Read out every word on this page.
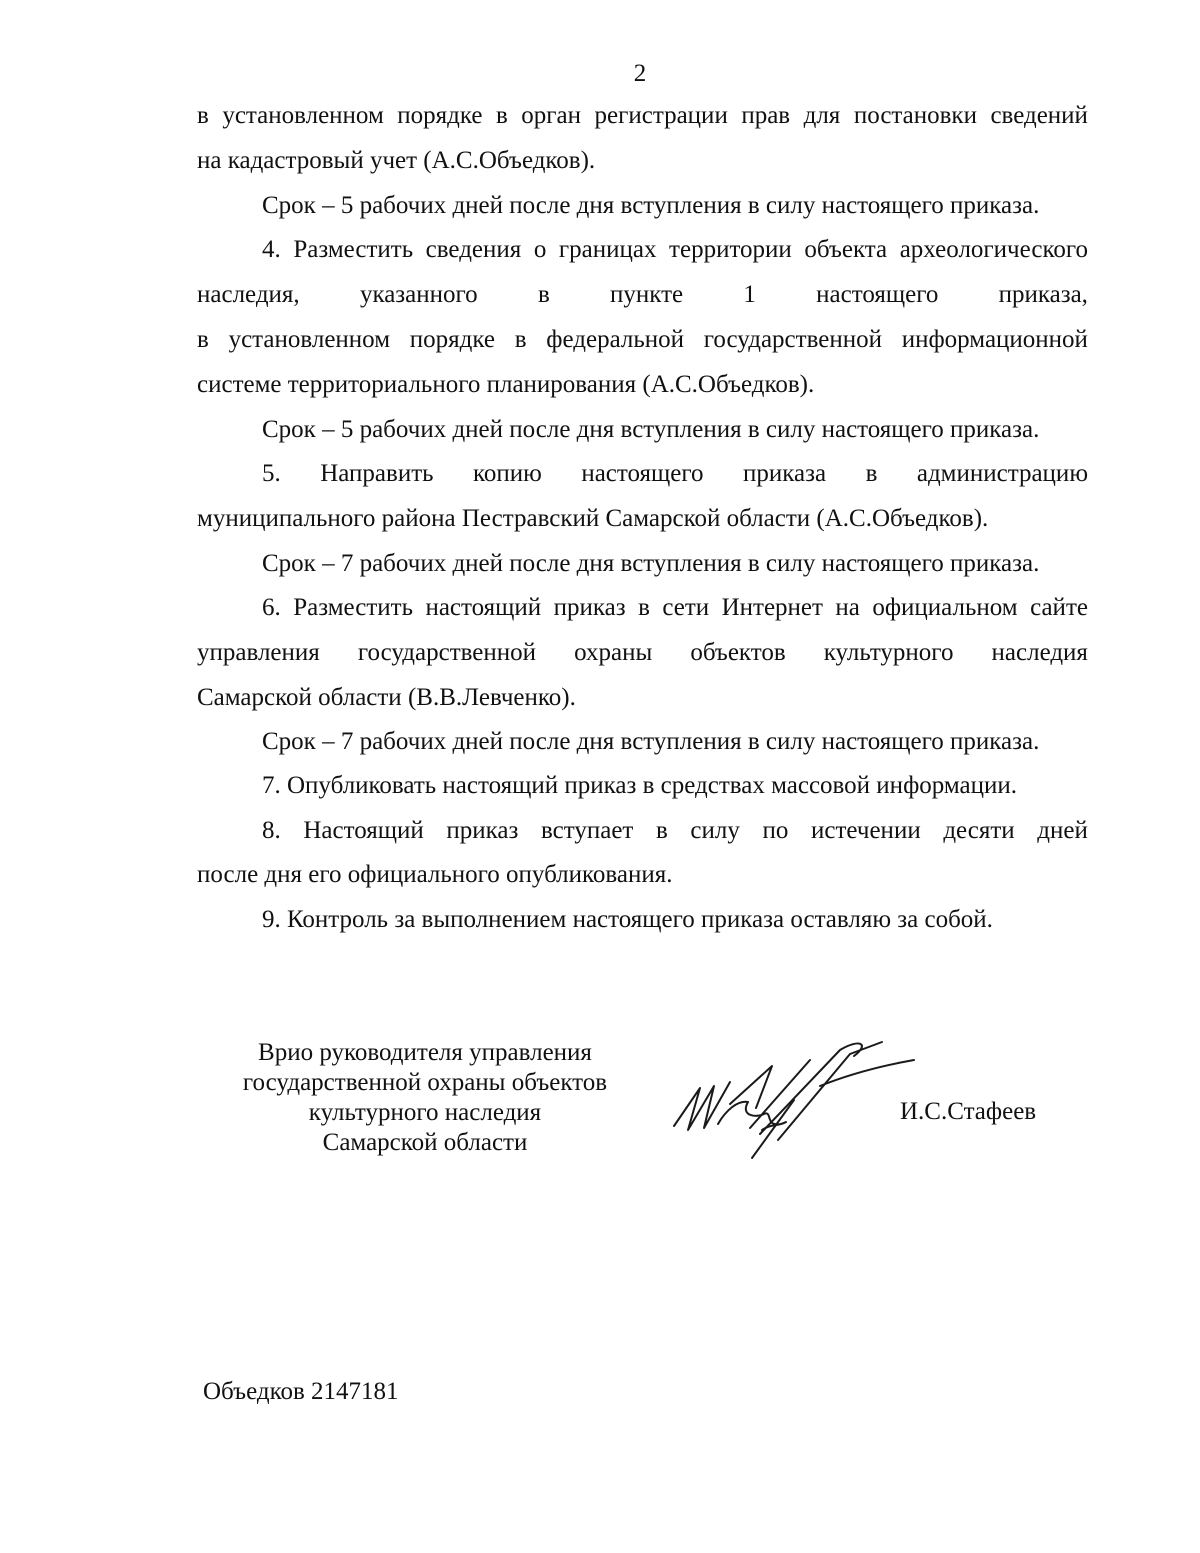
2
в установленном порядке в орган регистрации прав для постановки сведений
на кадастровый учет (А.С.Объедков).
Срок – 5 рабочих дней после дня вступления в силу настоящего приказа.
4. Разместить сведения о границах территории объекта археологического
наследия, указанного в пункте 1 настоящего приказа,
в установленном порядке в федеральной государственной информационной
системе территориального планирования (А.С.Объедков).
Срок – 5 рабочих дней после дня вступления в силу настоящего приказа.
5. Направить копию настоящего приказа в администрацию
муниципального района Пестравский Самарской области (А.С.Объедков).
Срок – 7 рабочих дней после дня вступления в силу настоящего приказа.
6. Разместить настоящий приказ в сети Интернет на официальном сайте
управления государственной охраны объектов культурного наследия
Самарской области (В.В.Левченко).
Срок – 7 рабочих дней после дня вступления в силу настоящего приказа.
7. Опубликовать настоящий приказ в средствах массовой информации.
8. Настоящий приказ вступает в силу по истечении десяти дней
после дня его официального опубликования.
9. Контроль за выполнением настоящего приказа оставляю за собой.
Врио руководителя управления
государственной охраны объектов
культурного наследия
Самарской области
И.С.Стафеев
Объедков 2147181
